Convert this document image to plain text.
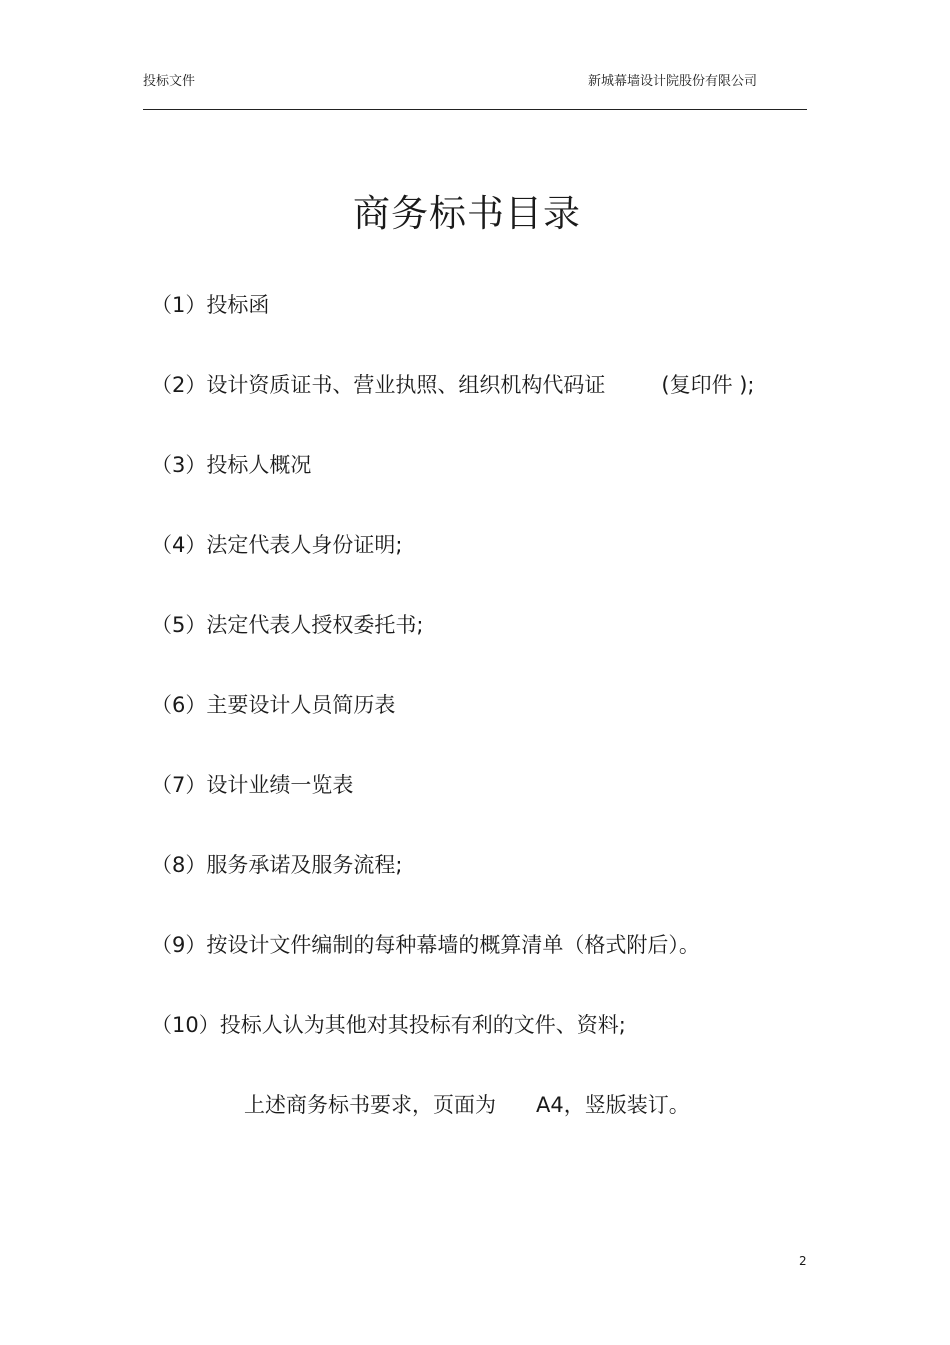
投标文件	新城幕墙设计院股份有限公司
商务标书目录
（1）投标函
（2）设计资质证书、营业执照、组织机构代码证	(复印件 );
（3）投标人概况
（4）法定代表人身份证明;
（5）法定代表人授权委托书;
（6）主要设计人员简历表
（7）设计业绩一览表
（8）服务承诺及服务流程;
（9）按设计文件编制的每种幕墙的概算清单（格式附后）。
（10）投标人认为其他对其投标有利的文件、资料;
上述商务标书要求，页面为 A4，竖版装订。
2
